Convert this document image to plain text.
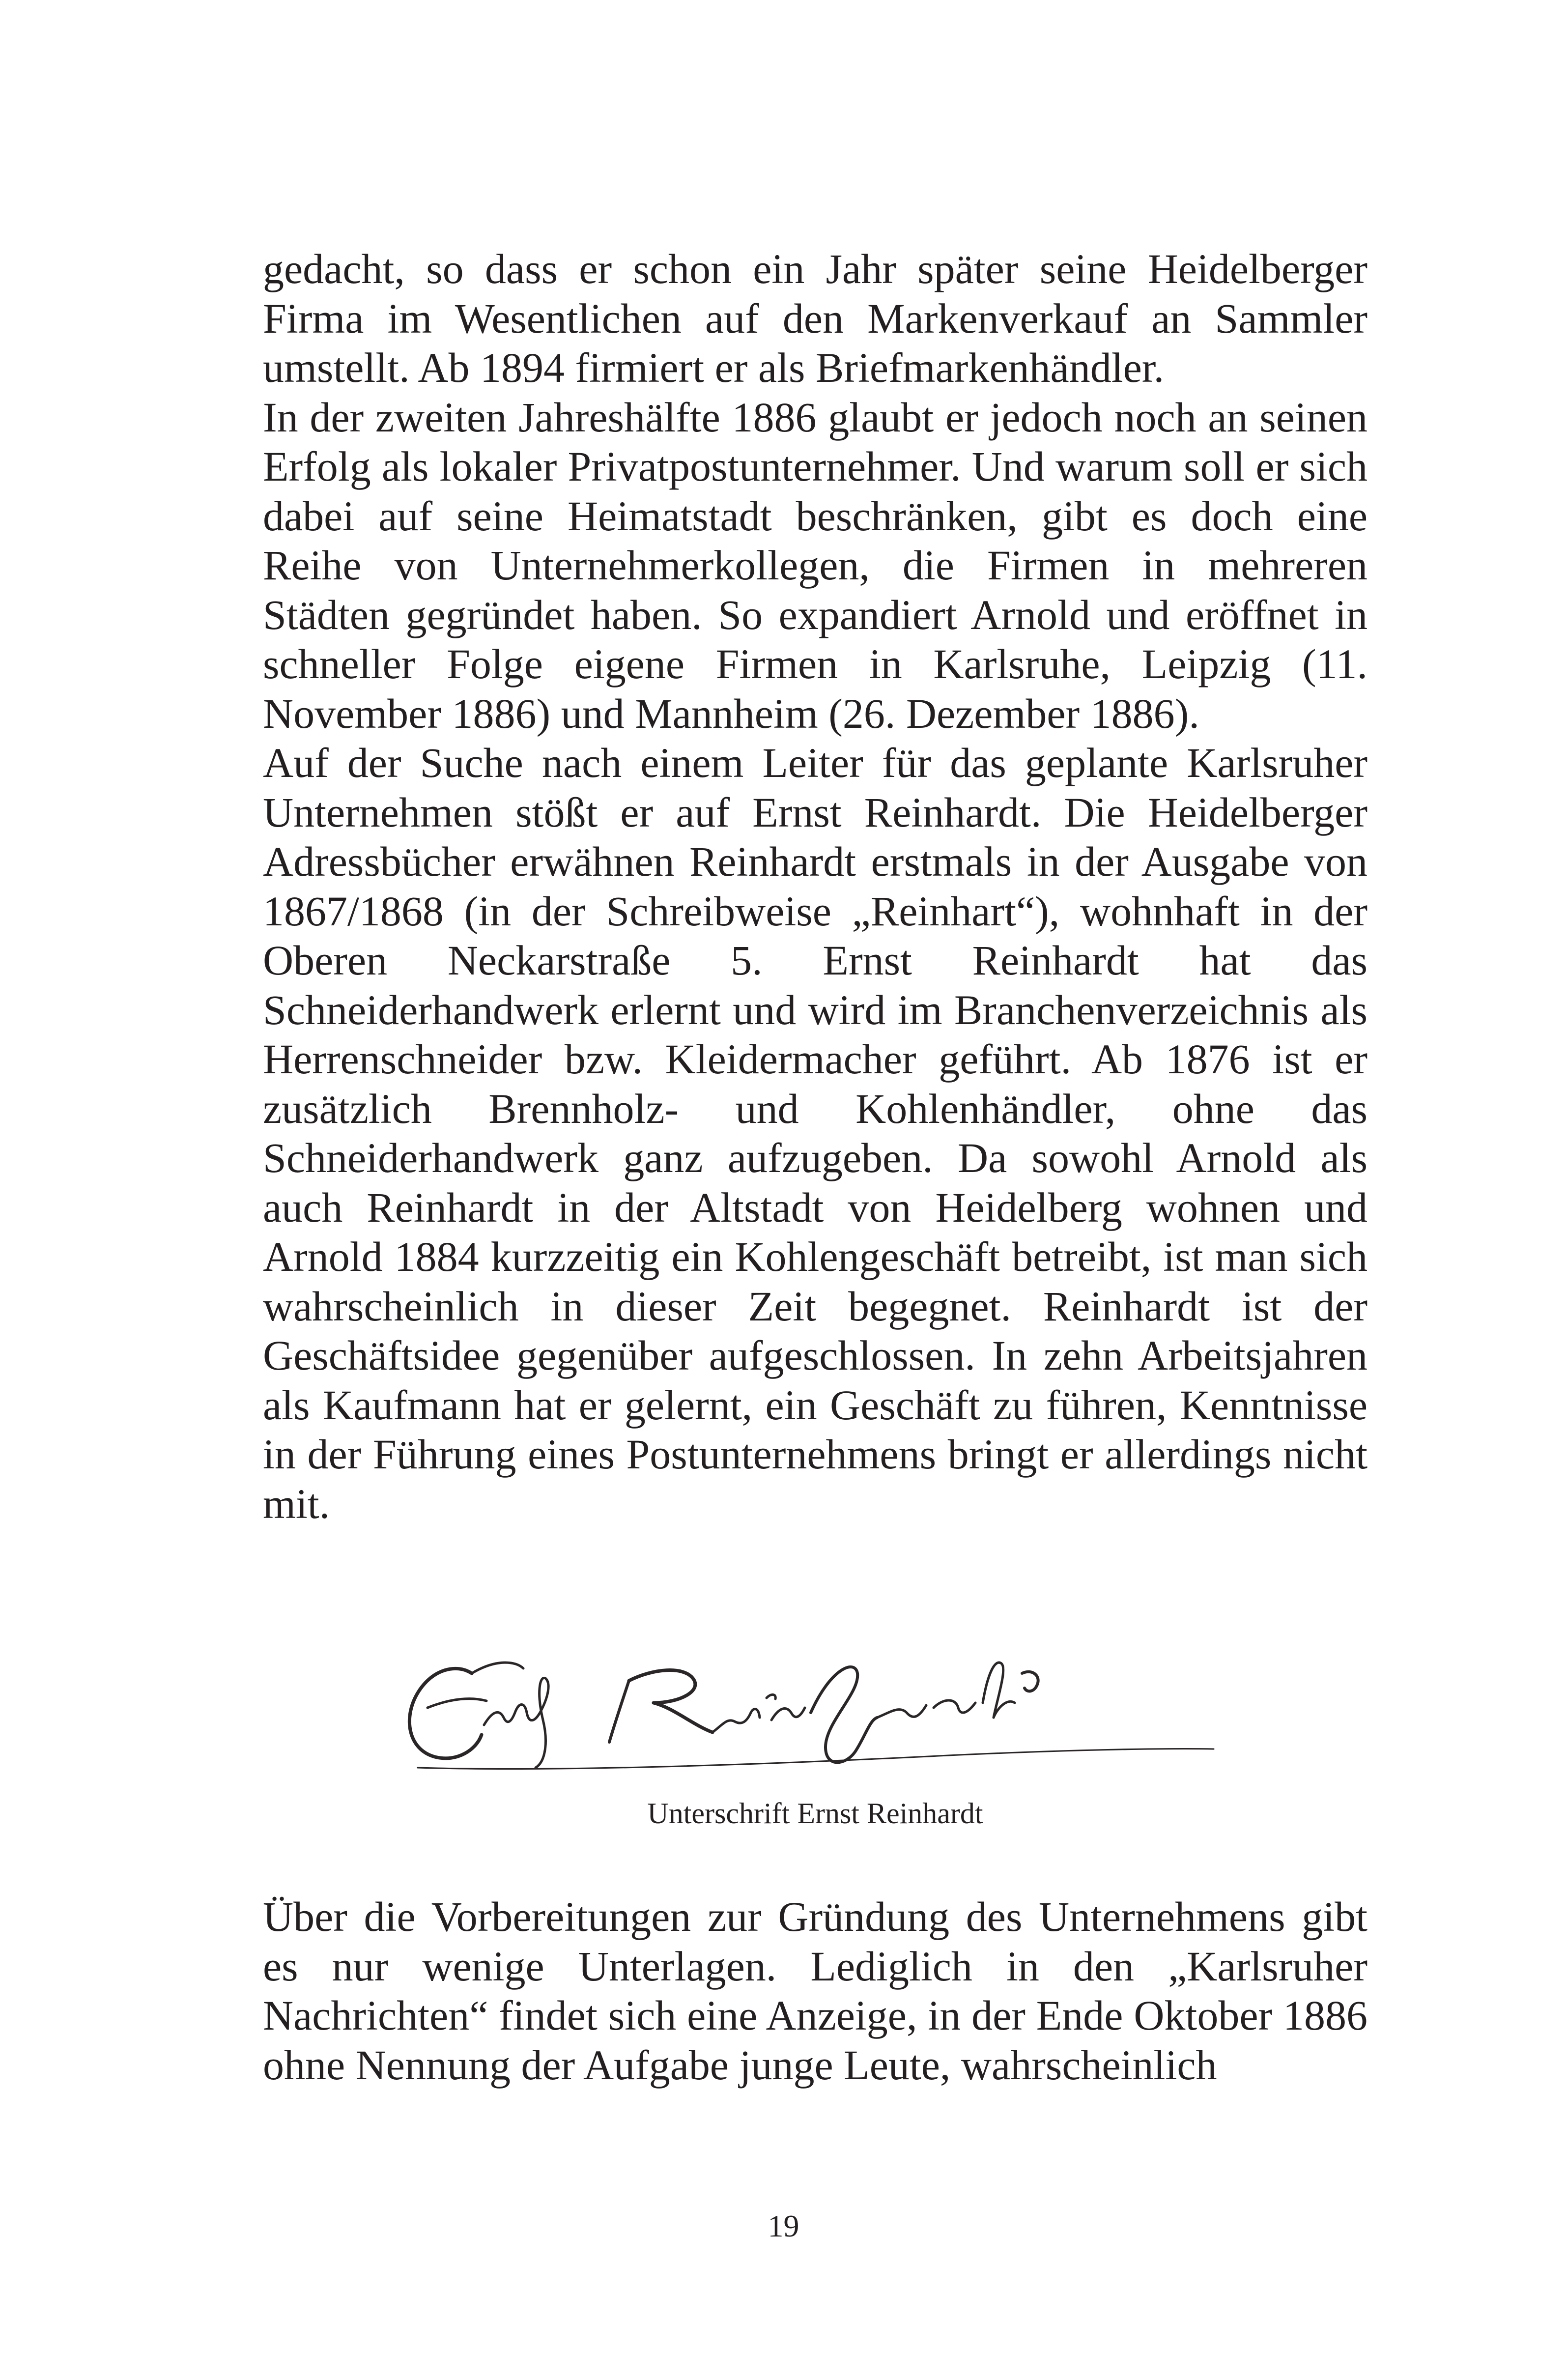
gedacht, so dass er schon ein Jahr später seine Heidelberger Firma im Wesentlichen auf den Markenverkauf an Sammler umstellt. Ab 1894 firmiert er als Briefmarkenhändler.

In der zweiten Jahreshälfte 1886 glaubt er jedoch noch an seinen Erfolg als lokaler Privatpostunternehmer. Und warum soll er sich dabei auf seine Heimatstadt beschränken, gibt es doch eine Reihe von Unternehmerkollegen, die Firmen in mehreren Städten gegründet haben. So expandiert Arnold und eröffnet in schneller Folge eigene Firmen in Karlsruhe, Leipzig (11. November 1886) und Mannheim (26. Dezember 1886).

Auf der Suche nach einem Leiter für das geplante Karlsruher Unternehmen stößt er auf Ernst Reinhardt. Die Heidelberger Adressbücher erwähnen Reinhardt erstmals in der Ausgabe von 1867/1868 (in der Schreibweise „Reinhart“), wohnhaft in der Oberen Neckarstraße 5. Ernst Reinhardt hat das Schneiderhandwerk erlernt und wird im Branchenverzeichnis als Herrenschneider bzw. Kleidermacher geführt. Ab 1876 ist er zusätzlich Brennholz- und Kohlenhändler, ohne das Schneiderhandwerk ganz aufzugeben. Da sowohl Arnold als auch Reinhardt in der Altstadt von Heidelberg wohnen und Arnold 1884 kurzzeitig ein Kohlengeschäft betreibt, ist man sich wahrscheinlich in dieser Zeit begegnet. Reinhardt ist der Geschäftsidee gegenüber aufgeschlossen. In zehn Arbeitsjahren als Kaufmann hat er gelernt, ein Geschäft zu führen, Kenntnisse in der Führung eines Postunternehmens bringt er allerdings nicht mit.

Unterschrift Ernst Reinhardt

Über die Vorbereitungen zur Gründung des Unternehmens gibt es nur wenige Unterlagen. Lediglich in den „Karlsruher Nachrichten“ findet sich eine Anzeige, in der Ende Oktober 1886 ohne Nennung der Aufgabe junge Leute, wahrscheinlich

19
